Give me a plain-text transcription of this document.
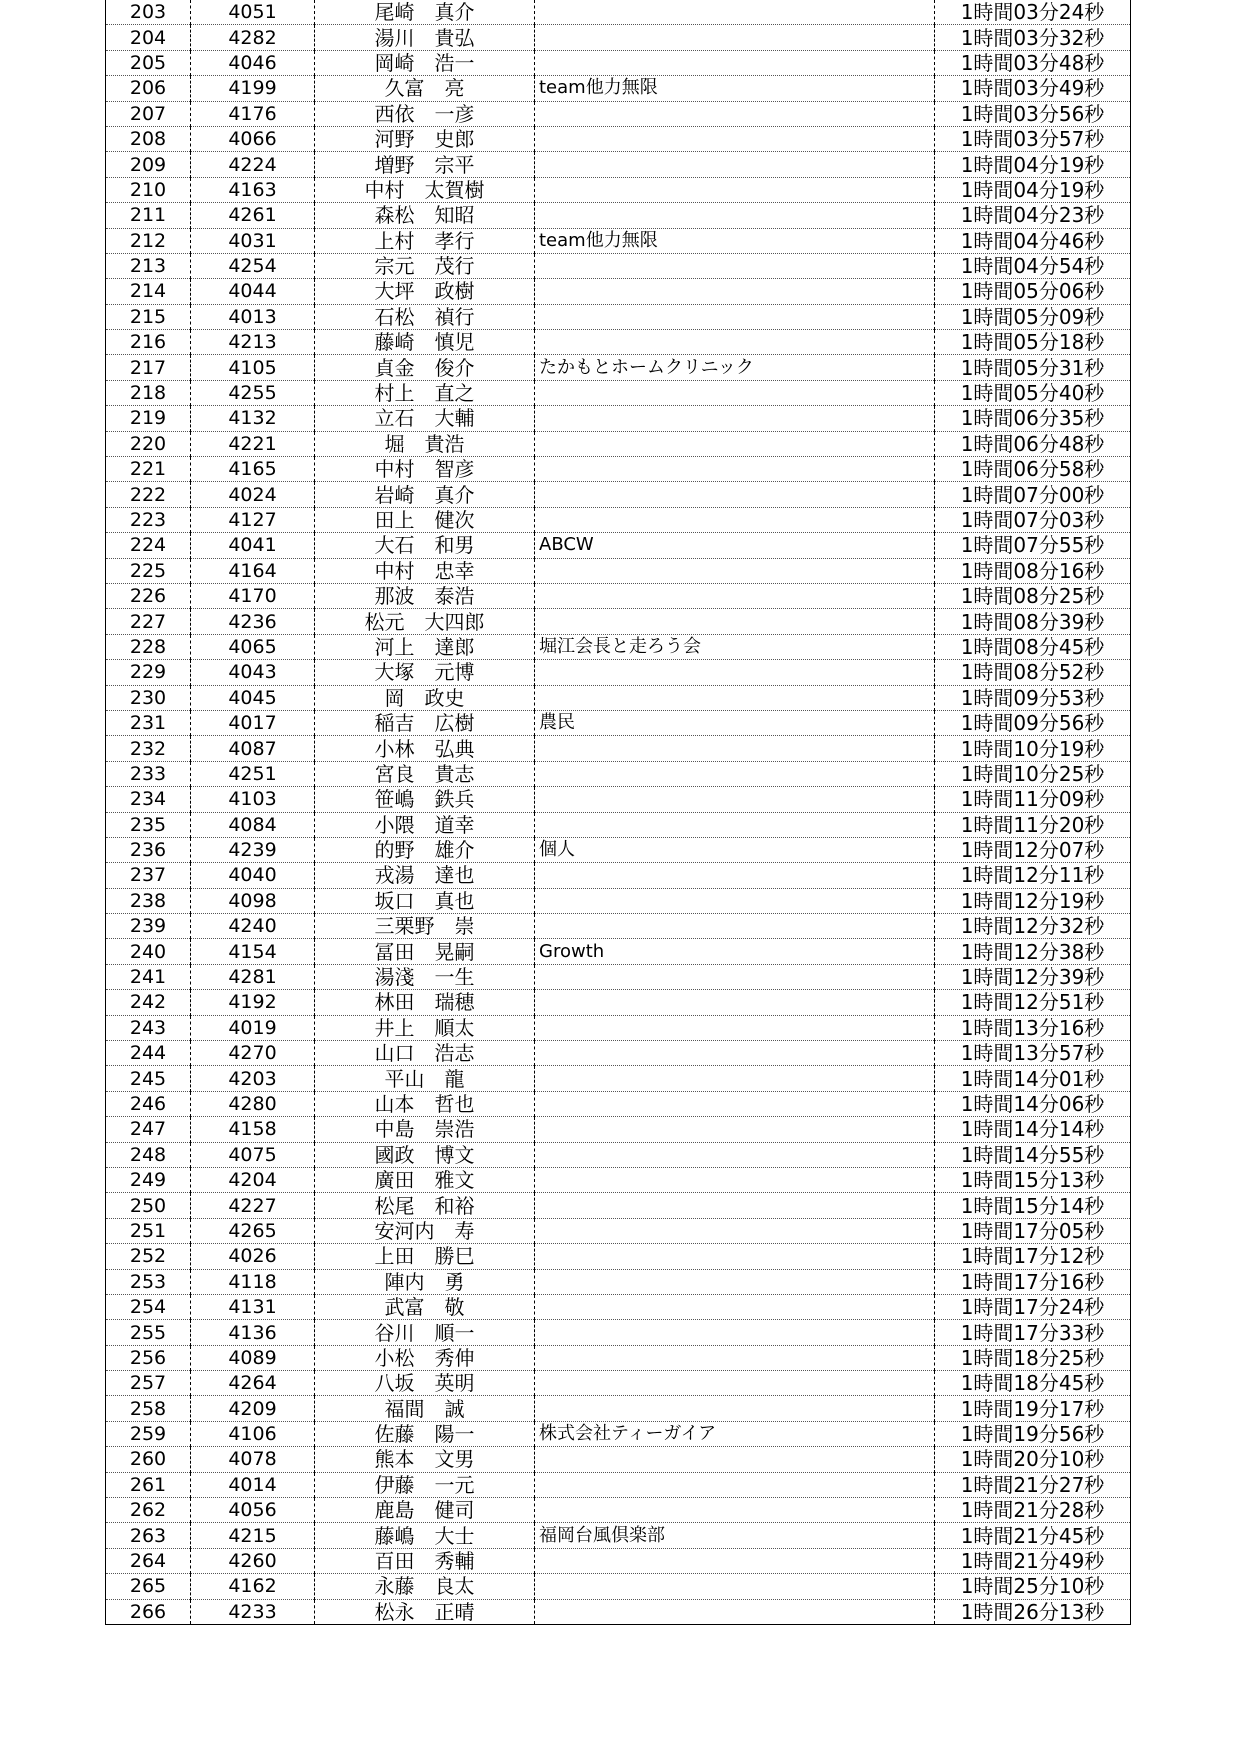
203	4051	尾崎　真介		1時間03分24秒
204	4282	湯川　貴弘		1時間03分32秒
205	4046	岡崎　浩一		1時間03分48秒
206	4199	久富　亮	team他力無限	1時間03分49秒
207	4176	西依　一彦		1時間03分56秒
208	4066	河野　史郎		1時間03分57秒
209	4224	増野　宗平		1時間04分19秒
210	4163	中村　太賀樹		1時間04分19秒
211	4261	森松　知昭		1時間04分23秒
212	4031	上村　孝行	team他力無限	1時間04分46秒
213	4254	宗元　茂行		1時間04分54秒
214	4044	大坪　政樹		1時間05分06秒
215	4013	石松　禎行		1時間05分09秒
216	4213	藤崎　慎児		1時間05分18秒
217	4105	貞金　俊介	たかもとホームクリニック	1時間05分31秒
218	4255	村上　直之		1時間05分40秒
219	4132	立石　大輔		1時間06分35秒
220	4221	堀　貴浩		1時間06分48秒
221	4165	中村　智彦		1時間06分58秒
222	4024	岩崎　真介		1時間07分00秒
223	4127	田上　健次		1時間07分03秒
224	4041	大石　和男	ABCW	1時間07分55秒
225	4164	中村　忠幸		1時間08分16秒
226	4170	那波　泰浩		1時間08分25秒
227	4236	松元　大四郎		1時間08分39秒
228	4065	河上　達郎	堀江会長と走ろう会	1時間08分45秒
229	4043	大塚　元博		1時間08分52秒
230	4045	岡　政史		1時間09分53秒
231	4017	稲吉　広樹	農民	1時間09分56秒
232	4087	小林　弘典		1時間10分19秒
233	4251	宮良　貴志		1時間10分25秒
234	4103	笹嶋　鉄兵		1時間11分09秒
235	4084	小隈　道幸		1時間11分20秒
236	4239	的野　雄介	個人	1時間12分07秒
237	4040	戎湯　達也		1時間12分11秒
238	4098	坂口　真也		1時間12分19秒
239	4240	三栗野　崇		1時間12分32秒
240	4154	冨田　晃嗣	Growth	1時間12分38秒
241	4281	湯淺　一生		1時間12分39秒
242	4192	林田　瑞穂		1時間12分51秒
243	4019	井上　順太		1時間13分16秒
244	4270	山口　浩志		1時間13分57秒
245	4203	平山　龍		1時間14分01秒
246	4280	山本　哲也		1時間14分06秒
247	4158	中島　崇浩		1時間14分14秒
248	4075	國政　博文		1時間14分55秒
249	4204	廣田　雅文		1時間15分13秒
250	4227	松尾　和裕		1時間15分14秒
251	4265	安河内　寿		1時間17分05秒
252	4026	上田　勝巳		1時間17分12秒
253	4118	陣内　勇		1時間17分16秒
254	4131	武富　敬		1時間17分24秒
255	4136	谷川　順一		1時間17分33秒
256	4089	小松　秀伸		1時間18分25秒
257	4264	八坂　英明		1時間18分45秒
258	4209	福間　誠		1時間19分17秒
259	4106	佐藤　陽一	株式会社ティーガイア	1時間19分56秒
260	4078	熊本　文男		1時間20分10秒
261	4014	伊藤　一元		1時間21分27秒
262	4056	鹿島　健司		1時間21分28秒
263	4215	藤嶋　大士	福岡台風倶楽部	1時間21分45秒
264	4260	百田　秀輔		1時間21分49秒
265	4162	永藤　良太		1時間25分10秒
266	4233	松永　正晴		1時間26分13秒
